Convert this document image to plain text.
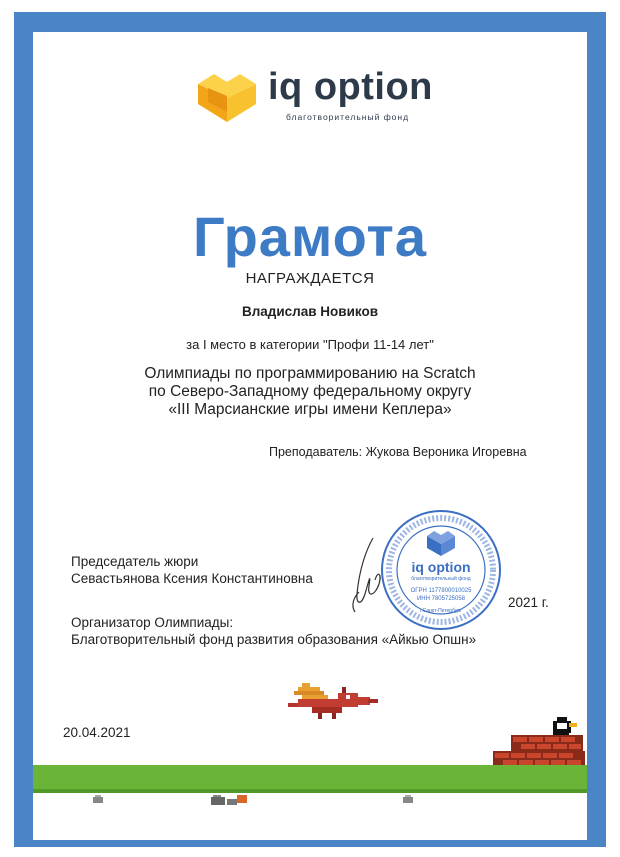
iq option
благотворительный фонд
Грамота
НАГРАЖДАЕТСЯ
Владислав Новиков
за I место в категории "Профи 11-14 лет"
Олимпиады по программированию на Scratch
по Северо-Западному федеральному округу
«III Марсианские игры имени Кеплера»
Преподаватель: Жукова Вероника Игоревна
Председатель жюри
Севастьянова Ксения Константиновна
iq option
благотворительный фонд
ОГРН 1177800010025
ИНН 7805725058
г.Санкт-Петербург
2021 г.
Организатор Олимпиады:
Благотворительный фонд развития образования «Айкью Опшн»
20.04.2021
